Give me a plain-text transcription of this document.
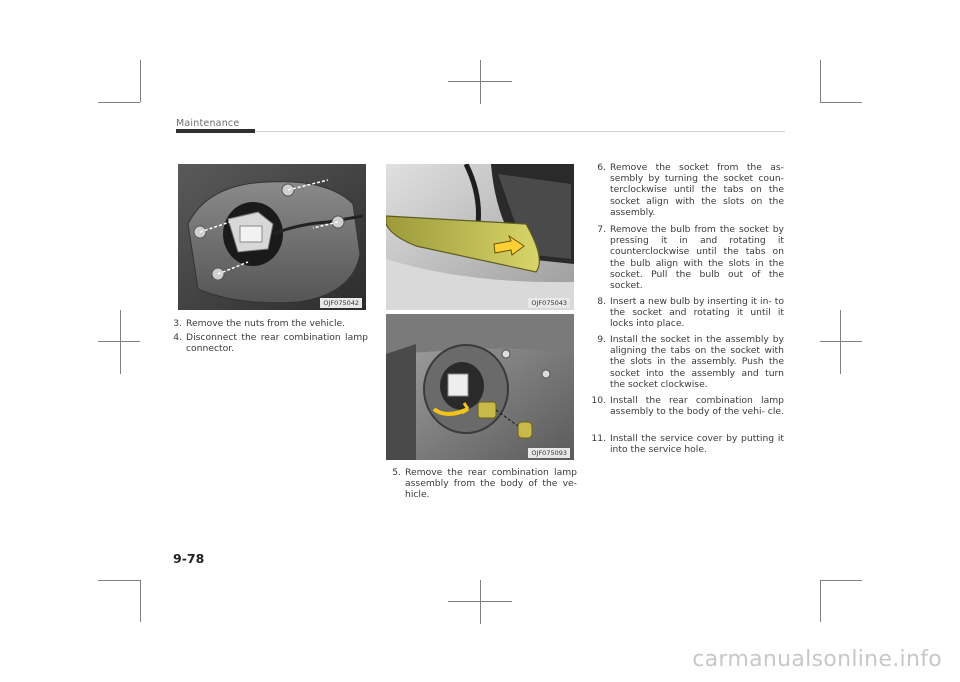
Maintenance
OJF075042	OJF075043
OJF075093
3. Remove the nuts from the vehicle.
4. Disconnect the rear combination lamp connector.
5. Remove the rear combination lamp assembly from the body of the ve- hicle.
6. Remove the socket from the as- sembly by turning the socket coun- terclockwise until the tabs on the socket align with the slots on the assembly.
7. Remove the bulb from the socket by pressing it in and rotating it counterclockwise until the tabs on the bulb align with the slots in the socket. Pull the bulb out of the socket.
8. Insert a new bulb by inserting it in- to the socket and rotating it until it locks into place.
9. Install the socket in the assembly by aligning the tabs on the socket with the slots in the assembly. Push the socket into the assembly and turn the socket clockwise.
10. Install the rear combination lamp assembly to the body of the vehi- cle.
11. Install the service cover by putting it into the service hole.
9-78
carmanualsonline.info
